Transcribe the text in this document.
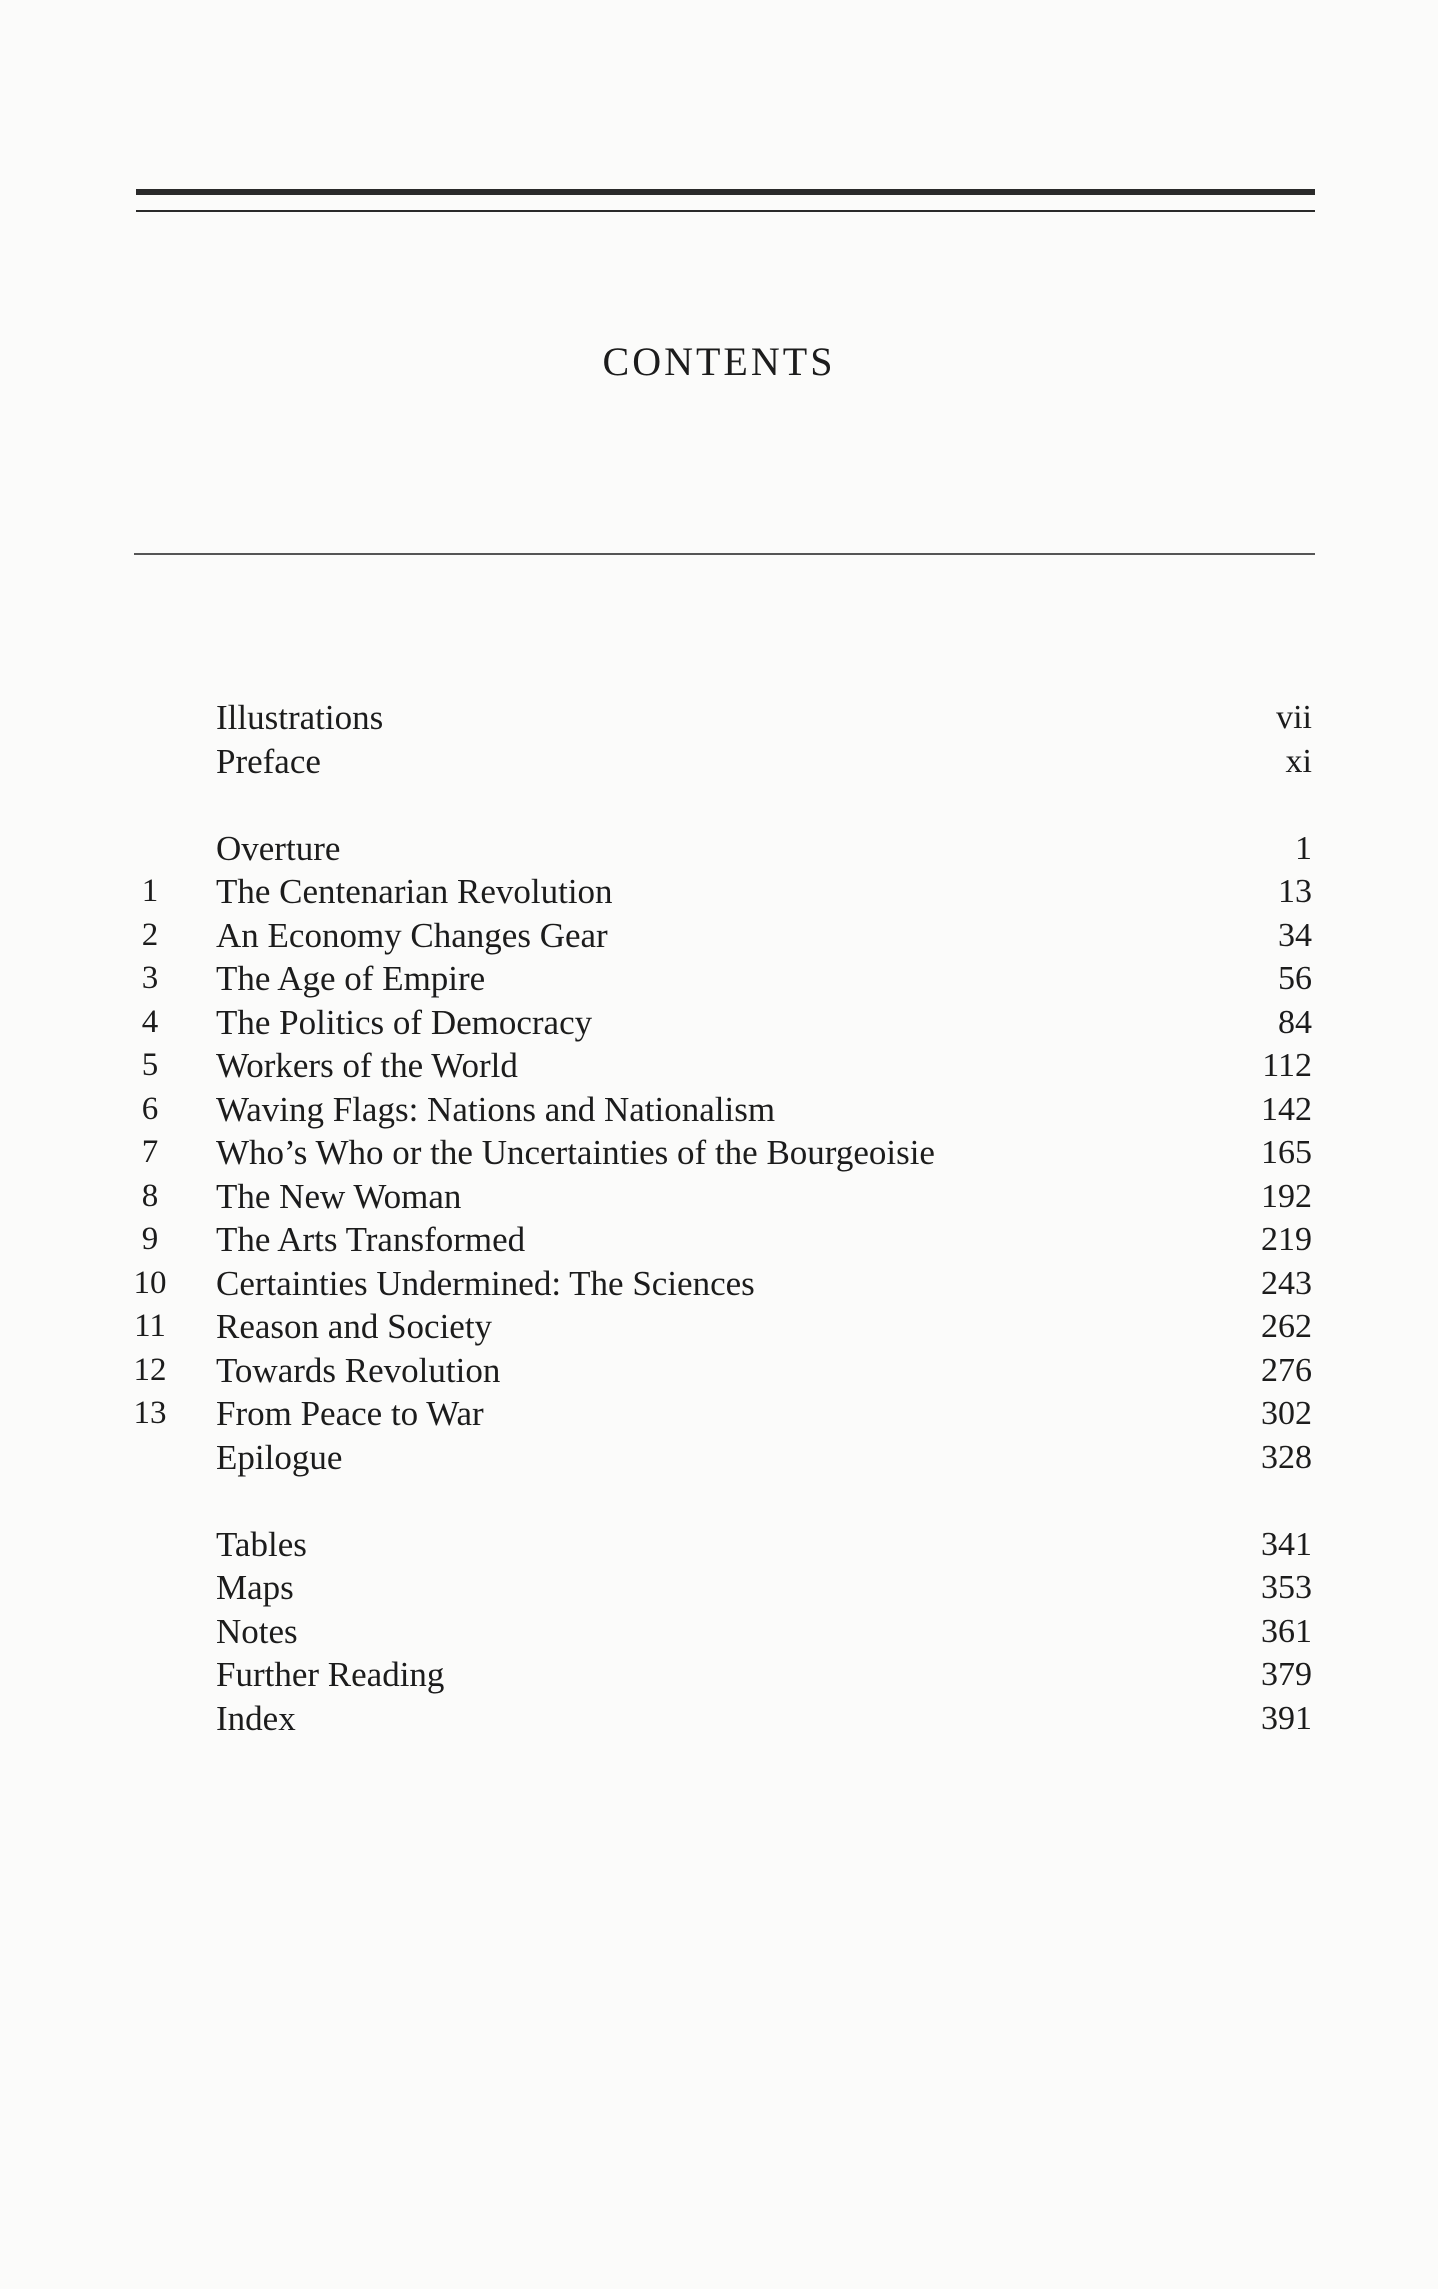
CONTENTS
Illustrations	vii
Preface	xi
Overture	1
1	The Centenarian Revolution	13
2	An Economy Changes Gear	34
3	The Age of Empire	56
4	The Politics of Democracy	84
5	Workers of the World	112
6	Waving Flags: Nations and Nationalism	142
7	Who’s Who or the Uncertainties of the Bourgeoisie	165
8	The New Woman	192
9	The Arts Transformed	219
10	Certainties Undermined: The Sciences	243
11	Reason and Society	262
12	Towards Revolution	276
13	From Peace to War	302
Epilogue	328
Tables	341
Maps	353
Notes	361
Further Reading	379
Index	391
